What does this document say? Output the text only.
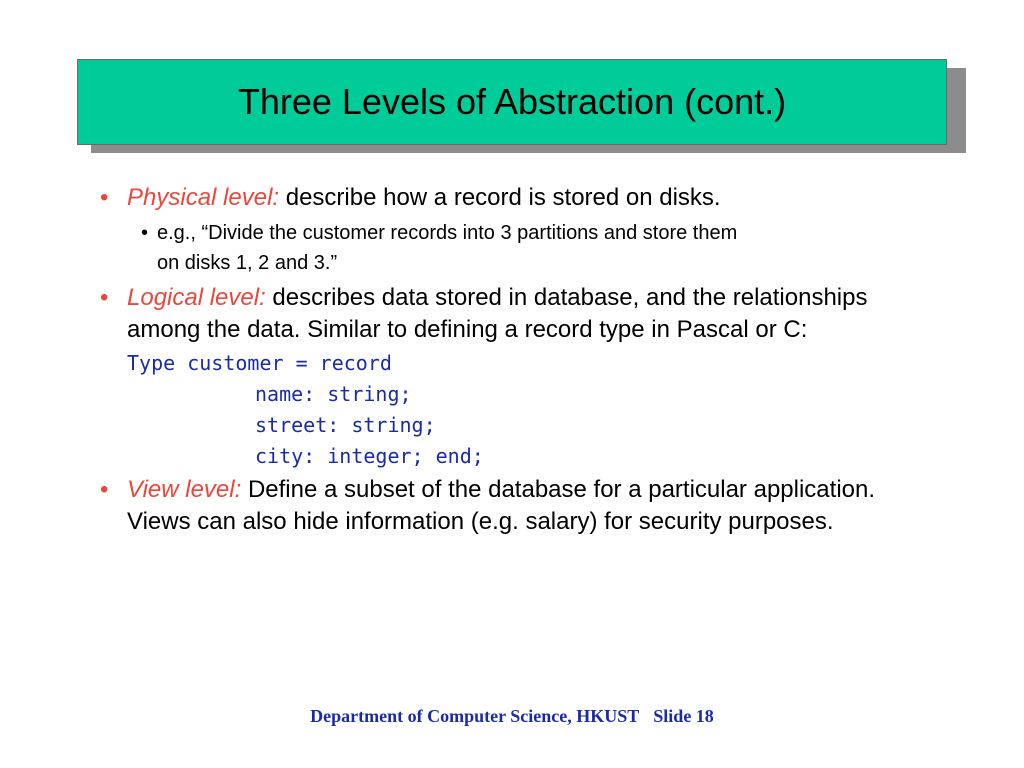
Three Levels of Abstraction (cont.)
• Physical level: describe how a record is stored on disks.
• e.g., “Divide the customer records into 3 partitions and store them
on disks 1, 2 and 3.”
• Logical level: describes data stored in database, and the relationships among the data. Similar to defining a record type in Pascal or C:
Type customer = record
name: string;
street: string;
city: integer; end;
• View level: Define a subset of the database for a particular application. Views can also hide information (e.g. salary) for security purposes.
Department of Computer Science, HKUST Slide 18
